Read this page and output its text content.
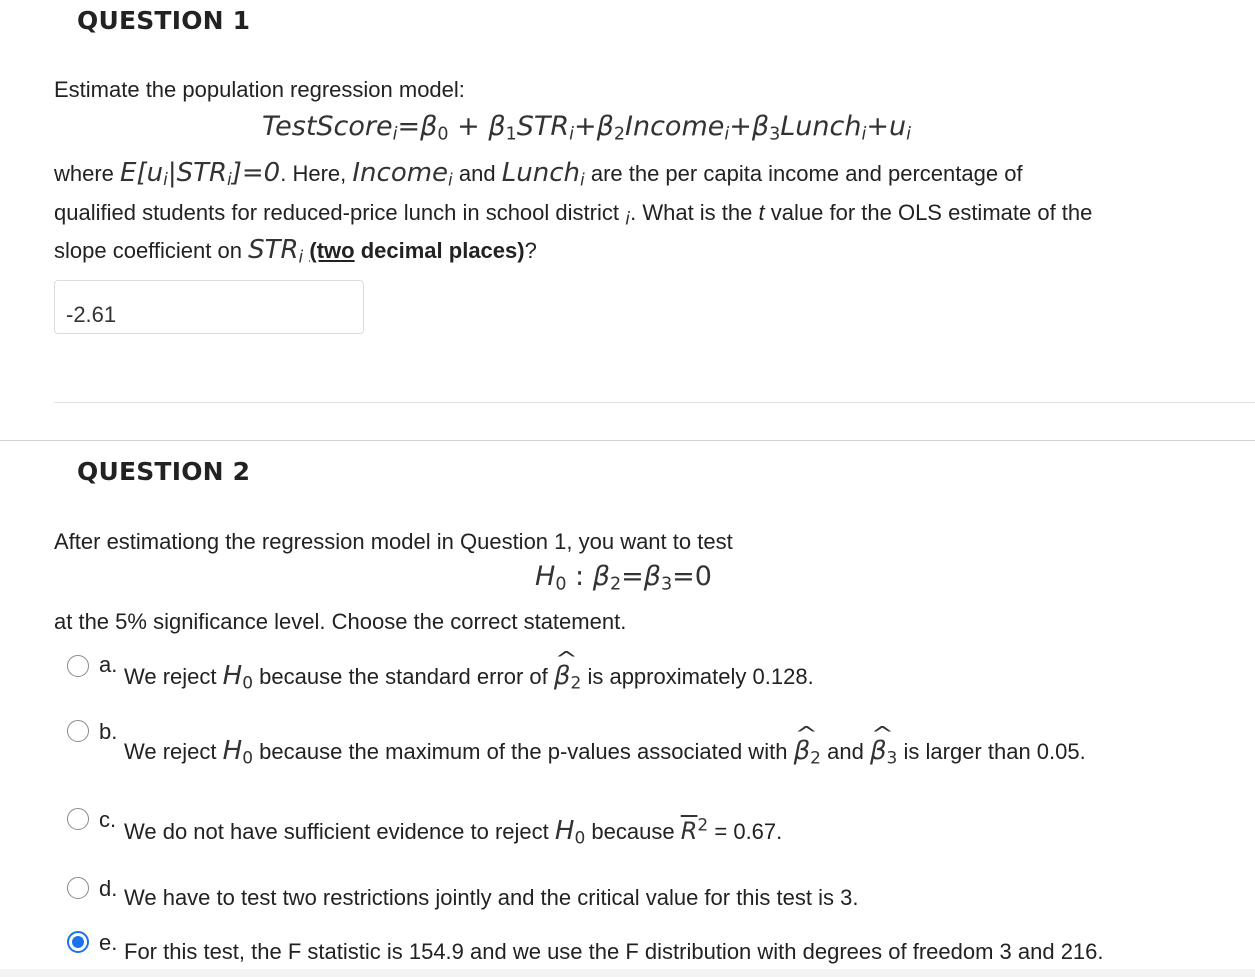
QUESTION 1
Estimate the population regression model:
$TestScore_i=\beta_0$ + $\beta_1STR_i+\beta_2Income_i+\beta_3Lunch_i+u_i$
where $E[u_i|STR_i]=0$. Here, Income$_i$ and Lunch$_i$ are the per capita income and percentage of
qualified students for reduced-price lunch in school district $_i$. What is the t value for the OLS estimate of the
slope coefficient on $STR_i$ (two decimal places)?
-2.61
QUESTION 2
After estimationg the regression model in Question 1, you want to test
$H_0$ : $\beta_2=\beta_3=0$
at the 5% significance level. Choose the correct statement.
a. We reject $H_0$ because the standard error of ^ $\beta_2$ is approximately 0.128.
b.
We reject $H_0$ because the maximum of the p-values associated with ^ $\beta_2$ and ^ $\beta_3$ is larger than 0.05.
c. We do not have sufficient evidence to reject $H_0$ because $\overline{R}^2 = 0.67$.
d. We have to test two restrictions jointly and the critical value for this test is 3.
e. For this test, the F statistic is 154.9 and we use the F distribution with degrees of freedom 3 and 216.
